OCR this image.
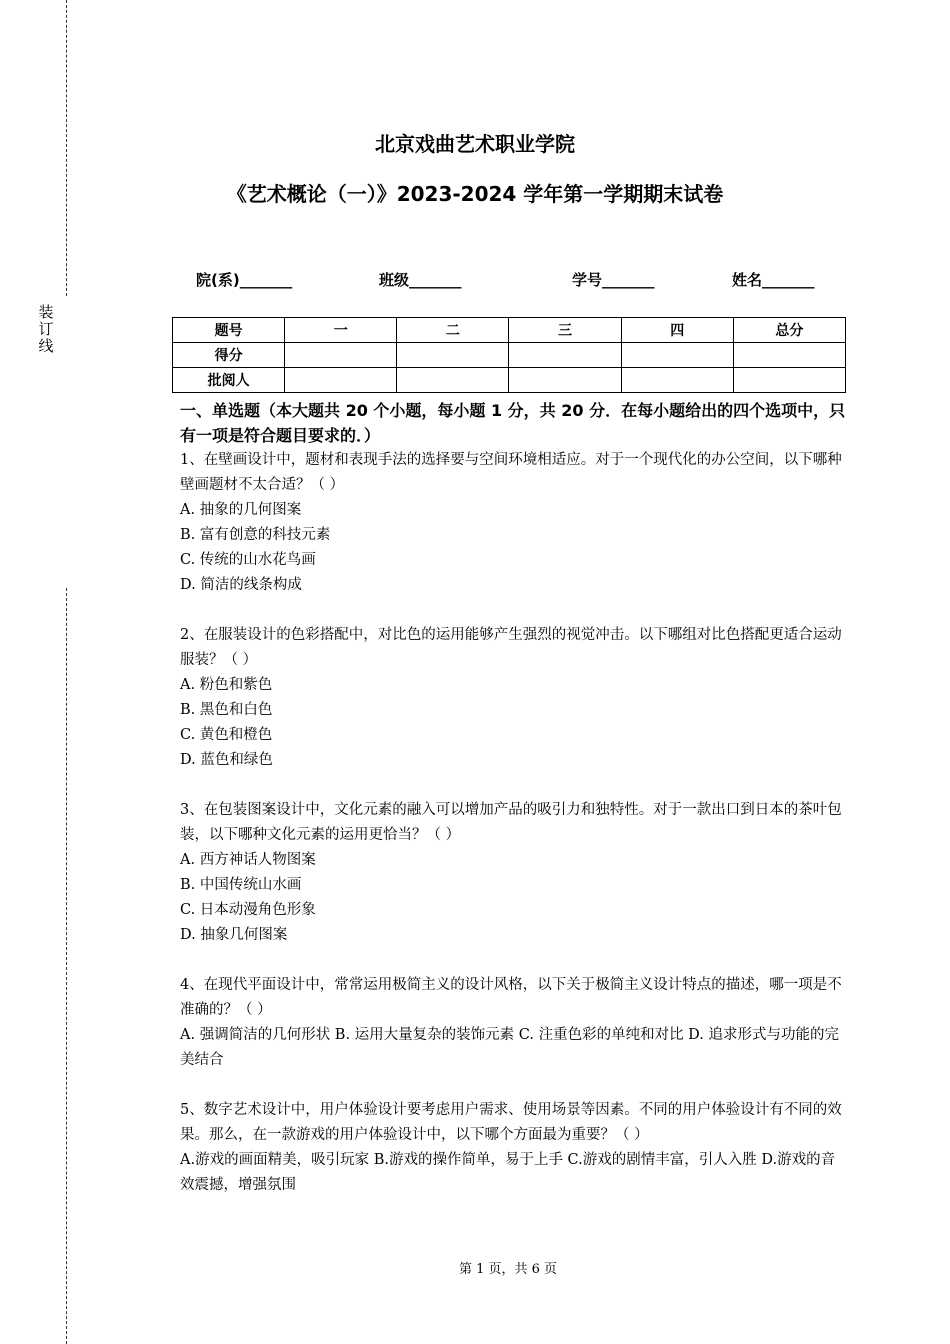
装订线
北京戏曲艺术职业学院
《艺术概论（一）》2023-2024 学年第一学期期末试卷
院(系)_______	班级_______	学号_______	姓名_______
题号	一	二	三	四	总分
得分					
批阅人					
一、单选题（本大题共 20 个小题，每小题 1 分，共 20 分．在每小题给出的四个选项中，只有一项是符合题目要求的．）
1、在壁画设计中，题材和表现手法的选择要与空间环境相适应。对于一个现代化的办公空间，以下哪种壁画题材不太合适？（ ）
A. 抽象的几何图案
B. 富有创意的科技元素
C. 传统的山水花鸟画
D. 简洁的线条构成
2、在服装设计的色彩搭配中，对比色的运用能够产生强烈的视觉冲击。以下哪组对比色搭配更适合运动服装？（ ）
A. 粉色和紫色
B. 黑色和白色
C. 黄色和橙色
D. 蓝色和绿色
3、在包装图案设计中，文化元素的融入可以增加产品的吸引力和独特性。对于一款出口到日本的茶叶包装，以下哪种文化元素的运用更恰当？（ ）
A. 西方神话人物图案
B. 中国传统山水画
C. 日本动漫角色形象
D. 抽象几何图案
4、在现代平面设计中，常常运用极简主义的设计风格，以下关于极简主义设计特点的描述，哪一项是不准确的？（ ）
A. 强调简洁的几何形状 B. 运用大量复杂的装饰元素 C. 注重色彩的单纯和对比 D. 追求形式与功能的完美结合
5、数字艺术设计中，用户体验设计要考虑用户需求、使用场景等因素。不同的用户体验设计有不同的效果。那么，在一款游戏的用户体验设计中，以下哪个方面最为重要？（ ）
A.游戏的画面精美，吸引玩家 B.游戏的操作简单，易于上手 C.游戏的剧情丰富，引人入胜 D.游戏的音效震撼，增强氛围
第 1 页，共 6 页
